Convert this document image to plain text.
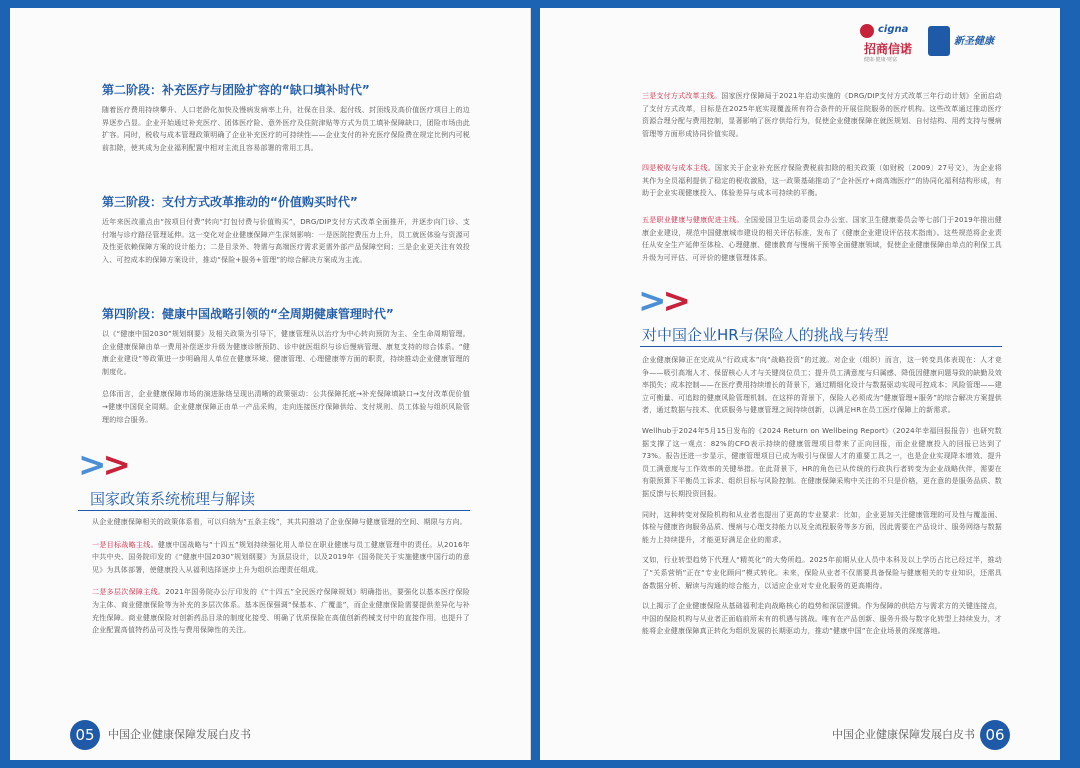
第二阶段：补充医疗与团险扩容的“缺口填补时代”

随着医疗费用持续攀升、人口老龄化加快及慢病发病率上升，社保在目录、起付线、封顶线及高价值医疗项目上的边界逐步凸显。企业开始通过补充医疗、团体医疗险、意外医疗及住院津贴等方式为员工填补保障缺口，团险市场由此扩容。同时，税收与成本管理政策明确了企业补充医疗的可持续性——企业支付的补充医疗保险费在规定比例内可税前扣除，使其成为企业福利配置中相对主流且容易部署的常用工具。

第三阶段：支付方式改革推动的“价值购买时代”

近年来医改重点由“按项目付费”转向“打包付费与价值购买”，DRG/DIP支付方式改革全面推开，并逐步向门诊、支付端与诊疗路径管理延伸。这一变化对企业健康保障产生深刻影响：一是医院控费压力上升，员工就医体验与资源可及性更依赖保障方案的设计能力；二是目录外、特需与高端医疗需求更需外部产品保障空间；三是企业更关注有效投入、可控成本的保障方案设计，推动“保险+服务+管理”的综合解决方案成为主流。

第四阶段：健康中国战略引领的“全周期健康管理时代”

以《“健康中国2030”规划纲要》及相关政策为引导下，健康管理从以治疗为中心转向预防为主、全生命周期管理。企业健康保障由单一费用补偿逐步升级为健康诊断预防、诊中就医组织与诊后慢病管理、康复支持的综合体系。“健康企业建设”等政策进一步明确用人单位在健康环境、健康管理、心理健康等方面的职责，持续推动企业健康管理的制度化。

总体而言，企业健康保障市场的演进脉络呈现出清晰的政策驱动：公共保障托底→补充保障填缺口→支付改革促价值→健康中国促全周期。企业健康保障正由单一产品采购，走向连接医疗保障供给、支付规则、员工体验与组织风险管理的综合服务。

>>
国家政策系统梳理与解读

从企业健康保障相关的政策体系看，可以归纳为“五条主线”，其共同推动了企业保障与健康管理的空间、期限与方向。

一是目标战略主线。健康中国战略与“十四五”规划持续强化用人单位在职业健康与员工健康管理中的责任。从2016年中共中央、国务院印发的《“健康中国2030”规划纲要》为顶层设计，以及2019年《国务院关于实施健康中国行动的意见》为具体部署，使健康投入从福利选择逐步上升为组织治理责任组成。

二是多层次保障主线。2021年国务院办公厅印发的《“十四五”全民医疗保障规划》明确指出，要强化以基本医疗保险为主体、商业健康保险等为补充的多层次体系。基本医保强调“保基本、广覆盖”，而企业健康保险需要提供差异化与补充性保障。商业健康保险对创新药品目录的制度化接受、明确了优质保险在高值创新药械支付中的直接作用，也提升了企业配置高值特药品可及性与费用保障性的关注。

05	中国企业健康保障发展白皮书
cigna
招商信诺
健康·健康·财富
新圣健康

三是支付方式改革主线。国家医疗保障局于2021年启动实施的《DRG/DIP支付方式改革三年行动计划》全面启动了支付方式改革，目标是在2025年底实现覆盖所有符合条件的开展住院服务的医疗机构。这些改革通过推动医疗资源合理分配与费用控制，显著影响了医疗供给行为，促使企业健康保障在就医规划、自付结构、用药支持与慢病管理等方面形成协同价值实现。

四是税收与成本主线。国家关于企业补充医疗保险费税前扣除的相关政策（如财税〔2009〕27号文），为企业将其作为全员福利提供了稳定的税收激励，这一政策基础推动了“企补医疗+商高端医疗”的协同化福利结构形成，有助于企业实现健康投入、体验差异与成本可持续的平衡。

五是职业健康与健康促进主线。全国爱国卫生运动委员会办公室、国家卫生健康委员会等七部门于2019年推出健康企业建设，规范中国健康城市建设的相关评估标准，发布了《健康企业建设评估技术指南》。这些规范将企业责任从安全生产延伸至体检、心理健康、健康教育与慢病干预等全面健康领域，促使企业健康保障由单点的利保工具升级为可评估、可评价的健康管理体系。

>>
对中国企业HR与保险人的挑战与转型

企业健康保障正在完成从“行政成本”向“战略投资”的过渡。对企业（组织）而言，这一转变具体表现在：人才竞争——吸引高端人才、保留核心人才与关键岗位员工；提升员工满意度与归属感、降低因健康问题导致的缺勤及效率损失；成本控制——在医疗费用持续增长的背景下，通过精细化设计与数据驱动实现可控成本；风险管理——建立可衡量、可追踪的健康风险管理机制。在这样的背景下，保险人必须成为“健康管理+服务”的综合解决方案提供者，通过数据与技术、优质服务与健康管理之间持续创新，以满足HR在员工医疗保障上的新需求。

Wellhub于2024年5月15日发布的《2024 Return on Wellbeing Report》（2024年幸福回报报告）也研究数据支撑了这一观点：82%的CFO表示持续的健康管理项目带来了正向回报，而企业健康投入的回报已达到了73%。报告还进一步显示，健康管理项目已成为吸引与保留人才的重要工具之一，也是企业实现降本增效、提升员工满意度与工作效率的关键举措。在此背景下，HR的角色已从传统的行政执行者转变为企业战略伙伴，需要在有限预算下平衡员工诉求、组织目标与风险控制。在健康保障采购中关注的不只是价格，更在意的是服务品质、数据反馈与长期投资回报。

同时，这种转变对保险机构和从业者也提出了更高的专业要求：比如，企业更加关注健康管理的可及性与覆盖面、体检与健康咨询服务品质、慢病与心理支持能力以及全流程服务等多方面，因此需要在产品设计、服务网络与数据能力上持续提升，才能更好满足企业的需求。

又如，行业转型趋势下代理人“精英化”的大势所趋。2025年前期从业人员中本科及以上学历占比已经过半，推动了“关系营销”正在“专业化顾问”模式转化。未来，保险从业者不仅需要具备保险与健康相关的专业知识，还需具备数据分析、解读与沟通的综合能力，以适应企业对专业化服务的更高期待。

以上揭示了企业健康保险从基础福利走向战略核心的趋势和深层逻辑。作为保障的供给方与需求方的关键连接点，中国的保险机构与从业者正面临前所未有的机遇与挑战。唯有在产品创新、服务升级与数字化转型上持续发力，才能将企业健康保障真正转化为组织发展的长期驱动力，推动“健康中国”在企业场景的深度落地。

中国企业健康保障发展白皮书 06
